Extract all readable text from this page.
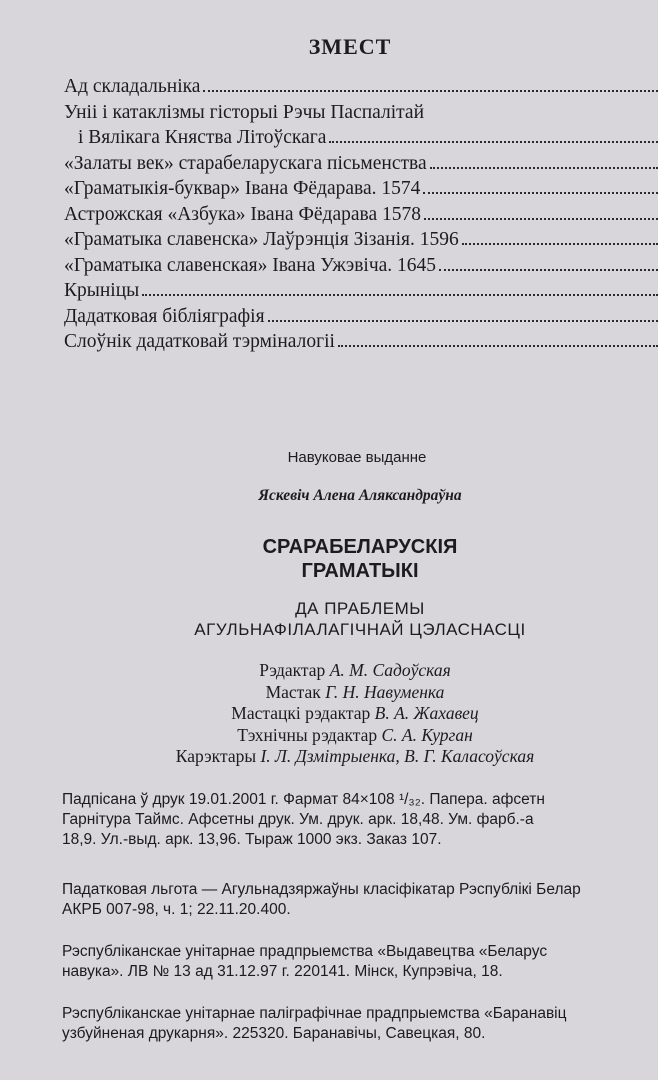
ЗМЕСТ
Ад складальніка
Уніі і катаклізмы гісторыі Рэчы Паспалітай
і Вялікага Княства Літоўскага
«Залаты век» старабеларускага пісьменства
«Граматыкія-буквар» Івана Фёдарава. 1574
Астрожская «Азбука» Івана Фёдарава 1578
«Граматыка славенска» Лаўрэнція Зізанія. 1596
«Граматыка славенская» Івана Ужэвіча. 1645
Крыніцы
Дадатковая бібліяграфія
Слоўнік дадатковай тэрміналогіі
Навуковае выданне
Яскевіч Алена Аляксандраўна
СРАРАБЕЛАРУСКІЯ
ГРАМАТЫКІ
ДА ПРАБЛЕМЫ
АГУЛЬНАФІЛАЛАГІЧНАЙ ЦЭЛАСНАСЦІ
Рэдактар А. М. Садоўская
Мастак Г. Н. Навуменка
Мастацкі рэдактар В. А. Жахавец
Тэхнічны рэдактар С. А. Курган
Карэктары І. Л. Дзмітрыенка, В. Г. Каласоўская
Падпісана ў друк 19.01.2001 г. Фармат 84×108 ¹/₃₂. Папера. афсетн
Гарнітура Таймс. Афсетны друк. Ум. друк. арк. 18,48. Ум. фарб.-а
18,9. Ул.-выд. арк. 13,96. Тыраж 1000 экз. Заказ 107.
Падатковая льгота — Агульнадзяржаўны класіфікатар Рэспублікі Белар
АКРБ 007-98, ч. 1; 22.11.20.400.
Рэспубліканскае унітарнае прадпрыемства «Выдавецтва «Беларус
навука». ЛВ № 13 ад 31.12.97 г. 220141. Мінск, Купрэвіча, 18.
Рэспубліканскае унітарнае паліграфічнае прадпрыемства «Баранавіц
узбуйненая друкарня». 225320. Баранавічы, Савецкая, 80.
